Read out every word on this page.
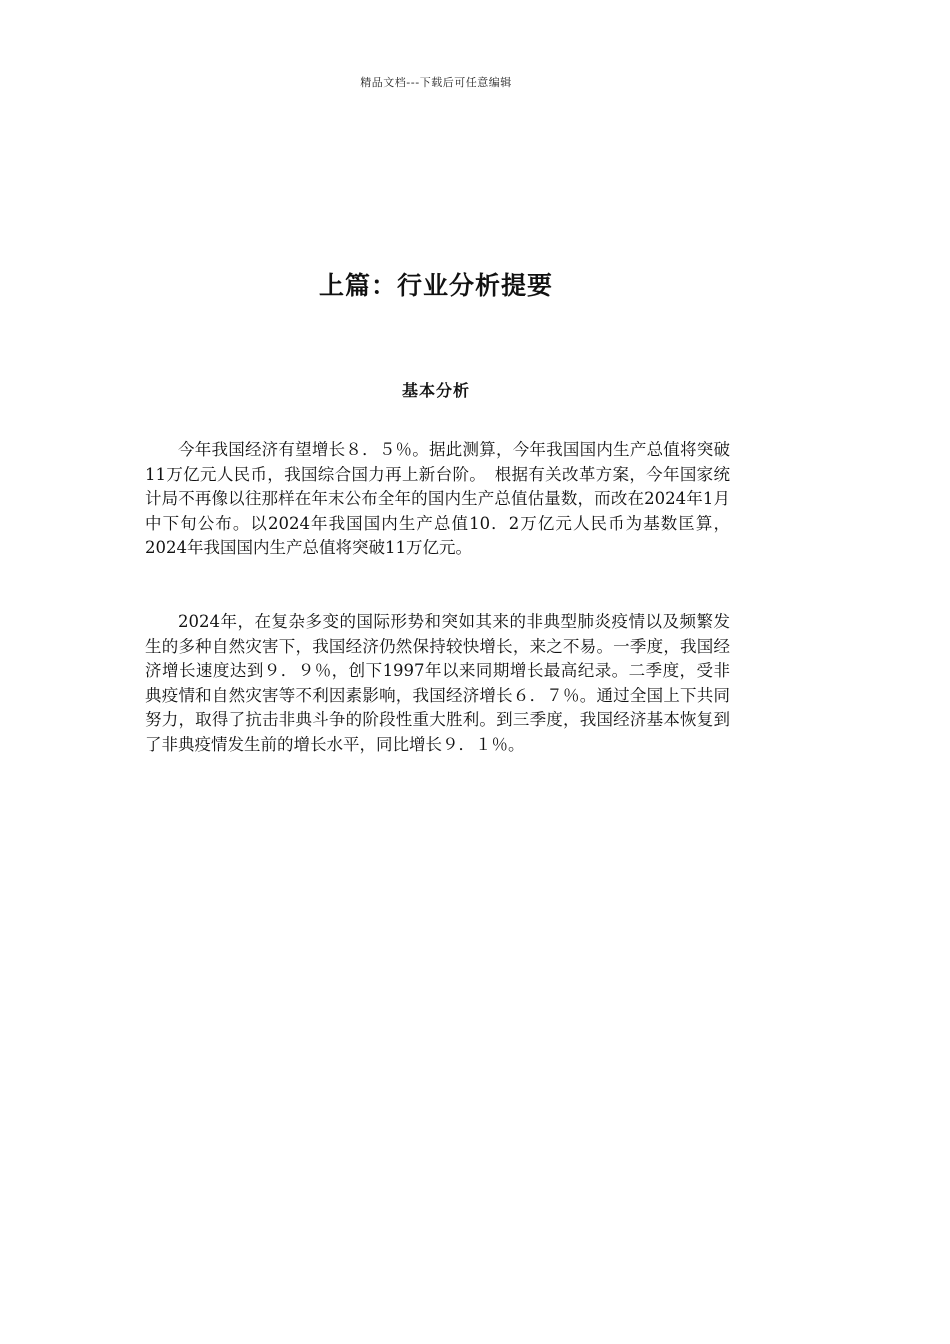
精品文档---下载后可任意编辑
上篇：行业分析提要
基本分析

今年我国经济有望增长８．５％。据此测算，今年我国国内生产总值将突破11万亿元人民币，我国综合国力再上新台阶。　根据有关改革方案，今年国家统计局不再像以往那样在年末公布全年的国内生产总值估量数，而改在2024年1月中下旬公布。以2024年我国国内生产总值10．2万亿元人民币为基数匡算，2024年我国国内生产总值将突破11万亿元。

2024年，在复杂多变的国际形势和突如其来的非典型肺炎疫情以及频繁发生的多种自然灾害下，我国经济仍然保持较快增长，来之不易。一季度，我国经济增长速度达到９．９％，创下1997年以来同期增长最高纪录。二季度，受非典疫情和自然灾害等不利因素影响，我国经济增长６．７％。通过全国上下共同努力，取得了抗击非典斗争的阶段性重大胜利。到三季度，我国经济基本恢复到了非典疫情发生前的增长水平，同比增长９．１％。
